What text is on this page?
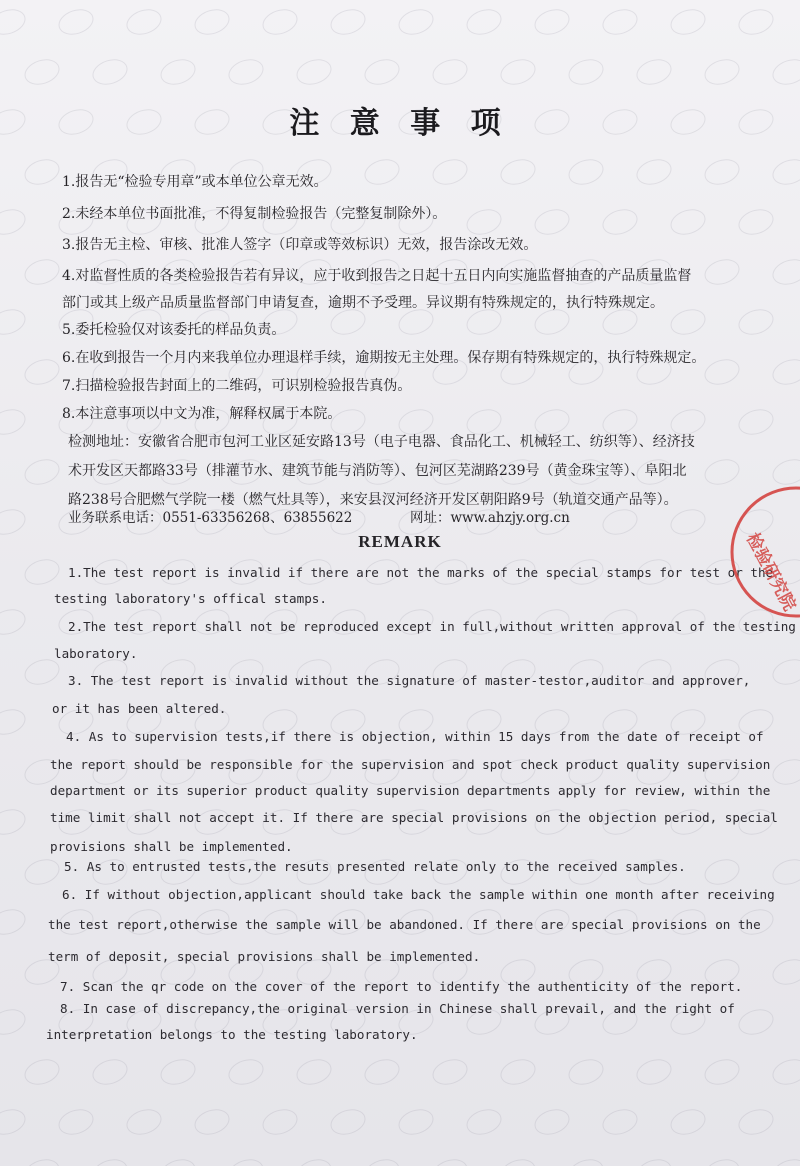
注 意 事 项
1.报告无“检验专用章”或本单位公章无效。
2.未经本单位书面批准，不得复制检验报告（完整复制除外）。
3.报告无主检、审核、批准人签字（印章或等效标识）无效，报告涂改无效。
4.对监督性质的各类检验报告若有异议，应于收到报告之日起十五日内向实施监督抽查的产品质量监督
部门或其上级产品质量监督部门申请复查，逾期不予受理。异议期有特殊规定的，执行特殊规定。
5.委托检验仅对该委托的样品负责。
6.在收到报告一个月内来我单位办理退样手续，逾期按无主处理。保存期有特殊规定的，执行特殊规定。
7.扫描检验报告封面上的二维码，可识别检验报告真伪。
8.本注意事项以中文为准，解释权属于本院。
检测地址：安徽省合肥市包河工业区延安路13号（电子电器、食品化工、机械轻工、纺织等）、经济技
术开发区天都路33号（排灌节水、建筑节能与消防等）、包河区芜湖路239号（黄金珠宝等）、阜阳北
路238号合肥燃气学院一楼（燃气灶具等），来安县汊河经济开发区朝阳路9号（轨道交通产品等）。
业务联系电话：0551-63356268、63855622	网址：www.ahzjy.org.cn
REMARK
1.The test report is invalid if there are not the marks of the special stamps for test or the
testing laboratory's offical stamps.
2.The test report shall not be reproduced except in full,without written approval of the testing
laboratory.
3. The test report is invalid without the signature of master-testor,auditor and approver,
or it has been altered.
4. As to supervision tests,if there is objection, within 15 days from the date of receipt of
the report should be responsible for the supervision and spot check product quality supervision
department or its superior product quality supervision departments apply for review, within the
time limit shall not accept it. If there are special provisions on the objection period, special
provisions shall be implemented.
5. As to entrusted tests,the resuts presented relate only to the received samples.
6. If without objection,applicant should take back the sample within one month after receiving
the test report,otherwise the sample will be abandoned. If there are special provisions on the
term of deposit, special provisions shall be implemented.
7. Scan the qr code on the cover of the report to identify the authenticity of the report.
8. In case of discrepancy,the original version in Chinese shall prevail, and the right of
interpretation belongs to the testing laboratory.
检验研究院
